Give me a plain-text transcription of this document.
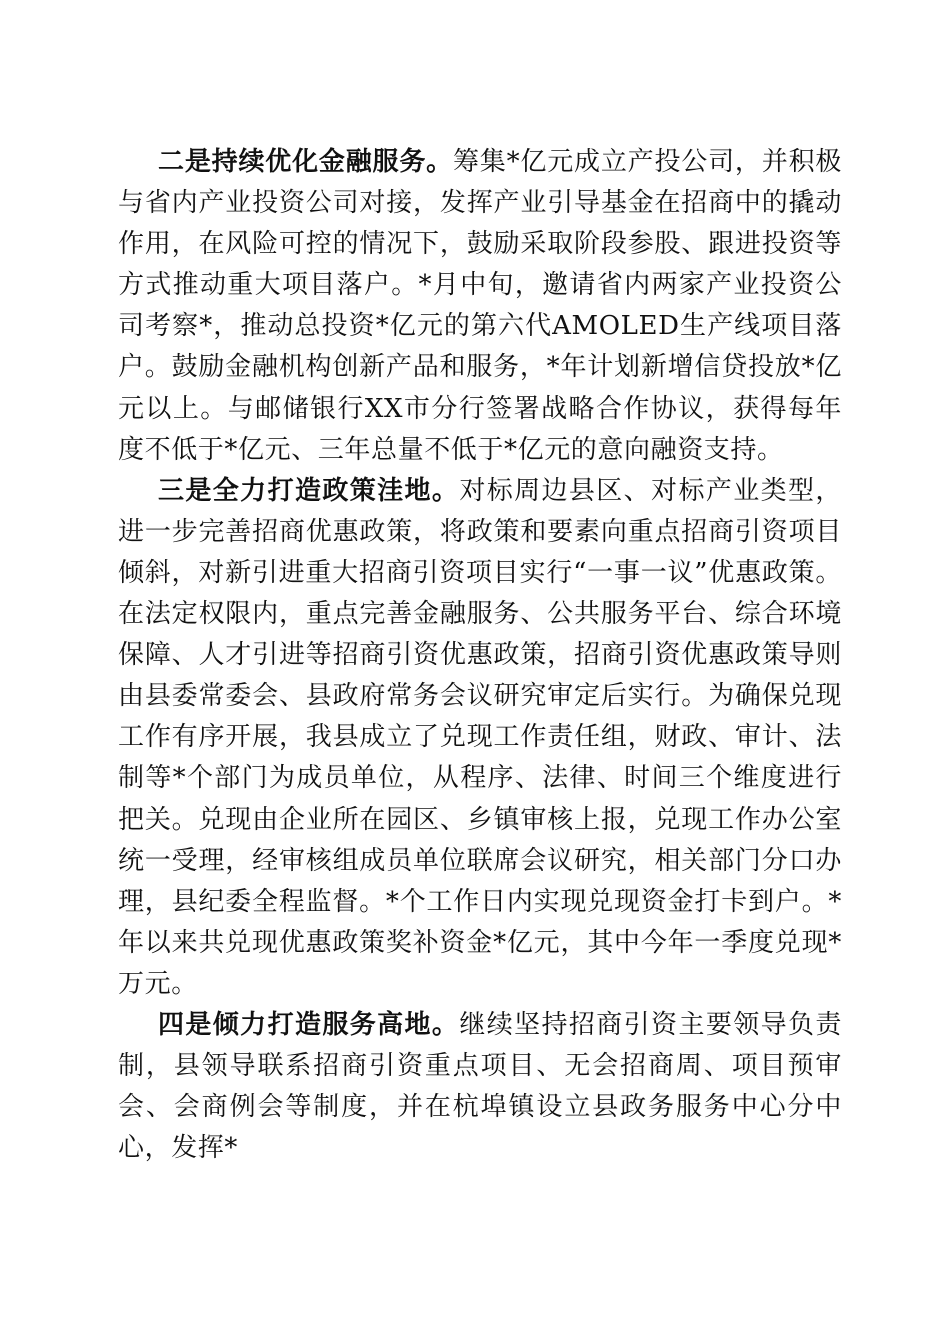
二是持续优化金融服务。筹集*亿元成立产投公司，并积极与省内产业投资公司对接，发挥产业引导基金在招商中的撬动作用，在风险可控的情况下，鼓励采取阶段参股、跟进投资等方式推动重大项目落户。*月中旬，邀请省内两家产业投资公司考察*，推动总投资*亿元的第六代AMOLED生产线项目落户。鼓励金融机构创新产品和服务，*年计划新增信贷投放*亿元以上。与邮储银行XX市分行签署战略合作协议，获得每年度不低于*亿元、三年总量不低于*亿元的意向融资支持。

三是全力打造政策洼地。对标周边县区、对标产业类型，进一步完善招商优惠政策，将政策和要素向重点招商引资项目倾斜，对新引进重大招商引资项目实行“一事一议”优惠政策。在法定权限内，重点完善金融服务、公共服务平台、综合环境保障、人才引进等招商引资优惠政策，招商引资优惠政策导则由县委常委会、县政府常务会议研究审定后实行。为确保兑现工作有序开展，我县成立了兑现工作责任组，财政、审计、法制等*个部门为成员单位，从程序、法律、时间三个维度进行把关。兑现由企业所在园区、乡镇审核上报，兑现工作办公室统一受理，经审核组成员单位联席会议研究，相关部门分口办理，县纪委全程监督。*个工作日内实现兑现资金打卡到户。*年以来共兑现优惠政策奖补资金*亿元，其中今年一季度兑现*万元。

四是倾力打造服务高地。继续坚持招商引资主要领导负责制，县领导联系招商引资重点项目、无会招商周、项目预审会、会商例会等制度，并在杭埠镇设立县政务服务中心分中心，发挥*
